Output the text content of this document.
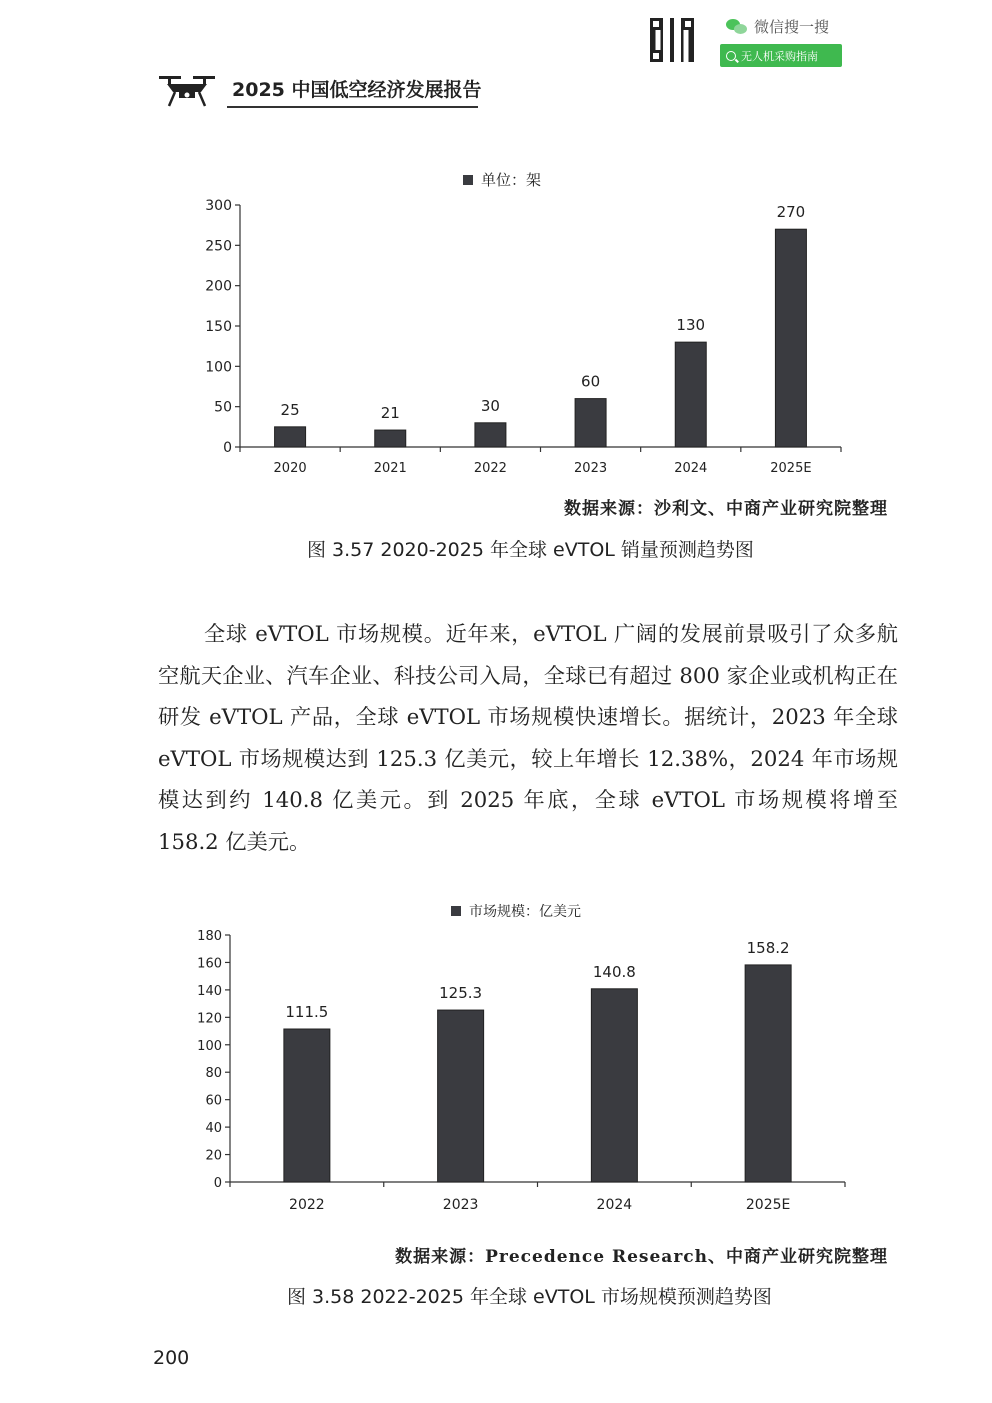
微信搜一搜
无人机采购指南
2025 中国低空经济发展报告
单位：架
0
50
100
150
200
250
300
25
2020
21
2021
30
2022
60
2023
130
2024
270
2025E
数据来源：沙利文、中商产业研究院整理
图 3.57 2020-2025 年全球 eVTOL 销量预测趋势图

全球 eVTOL 市场规模。近年来，eVTOL 广阔的发展前景吸引了众多航空航天企业、汽车企业、科技公司入局，全球已有超过 800 家企业或机构正在研发 eVTOL 产品，全球 eVTOL 市场规模快速增长。据统计，2023 年全球 eVTOL 市场规模达到 125.3 亿美元，较上年增长 12.38%，2024 年市场规模达到约 140.8 亿美元。到 2025 年底，全球 eVTOL 市场规模将增至 158.2 亿美元。

市场规模：亿美元
0
20
40
60
80
100
120
140
160
180
111.5
2022
125.3
2023
140.8
2024
158.2
2025E
数据来源：Precedence Research、中商产业研究院整理
图 3.58 2022-2025 年全球 eVTOL 市场规模预测趋势图
200
